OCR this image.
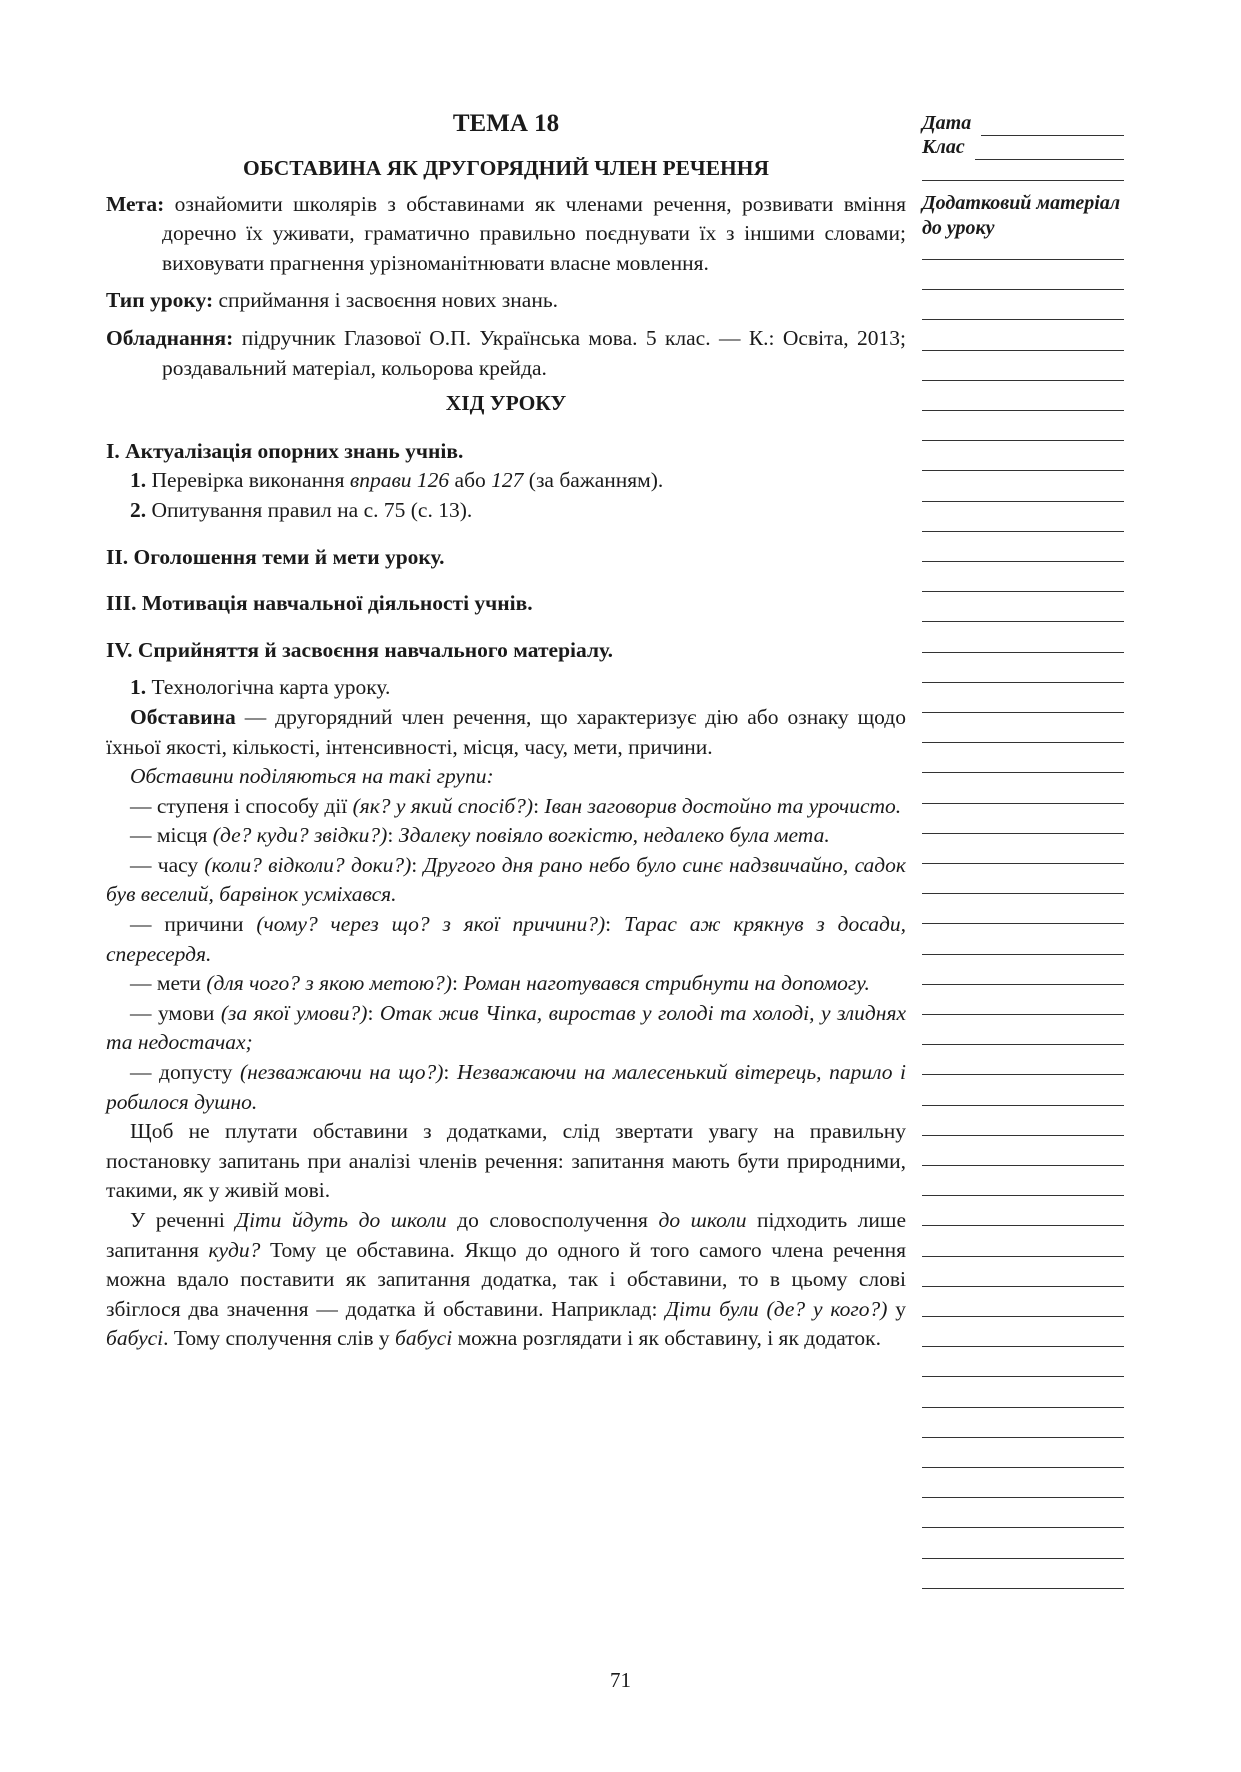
ТЕМА 18
ОБСТАВИНА ЯК ДРУГОРЯДНИЙ ЧЛЕН РЕЧЕННЯ

Мета: ознайомити школярів з обставинами як членами речення, розвивати вміння доречно їх уживати, граматично правильно поєднувати їх з іншими словами; виховувати прагнення урізноманітнювати власне мовлення.

Тип уроку: сприймання і засвоєння нових знань.

Обладнання: підручник Глазової О.П. Українська мова. 5 клас. — К.: Освіта, 2013; роздавальний матеріал, кольорова крейда.

ХІД УРОКУ

І. Актуалізація опорних знань учнів.

1. Перевірка виконання вправи 126 або 127 (за бажанням).

2. Опитування правил на с. 75 (с. 13).

ІІ. Оголошення теми й мети уроку.

ІІІ. Мотивація навчальної діяльності учнів.

IV. Сприйняття й засвоєння навчального матеріалу.

1. Технологічна карта уроку.

Обставина — другорядний член речення, що характеризує дію або ознаку щодо їхньої якості, кількості, інтенсивності, місця, часу, мети, причини.

Обставини поділяються на такі групи:

— ступеня і способу дії (як? у який спосіб?): Іван заговорив достойно та урочисто.

— місця (де? куди? звідки?): Здалеку повіяло вогкістю, недалеко була мета.

— часу (коли? відколи? доки?): Другого дня рано небо було синє надзвичайно, садок був веселий, барвінок усміхався.

— причини (чому? через що? з якої причини?): Тарас аж крякнув з досади, спересердя.

— мети (для чого? з якою метою?): Роман наготувався стрибнути на допомогу.

— умови (за якої умови?): Отак жив Чіпка, виростав у голоді та холоді, у злиднях та недостачах;

— допусту (незважаючи на що?): Незважаючи на малесенький вітерець, парило і робилося душно.

Щоб не плутати обставини з додатками, слід звертати увагу на правильну постановку запитань при аналізі членів речення: запитання мають бути природними, такими, як у живій мові.

У реченні Діти йдуть до школи до словосполучення до школи підходить лише запитання куди? Тому це обставина. Якщо до одного й того самого члена речення можна вдало поставити як запитання додатка, так і обставини, то в цьому слові збіглося два значення — додатка й обставини. Наприклад: Діти були (де? у кого?) у бабусі. Тому сполучення слів у бабусі можна розглядати і як обставину, і як додаток.

Дата
Клас
Додатковий матеріал до уроку
71
